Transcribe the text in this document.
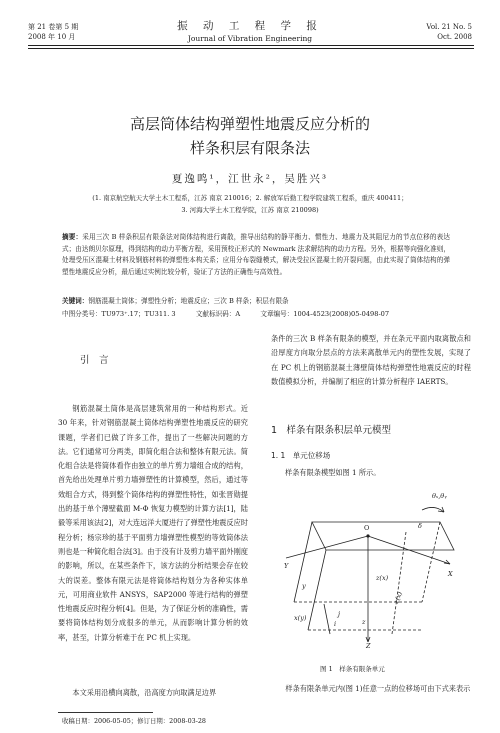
第 21 卷第 5 期
2008 年 10 月
振 动 工 程 学 报
Journal of Vibration Engineering
Vol. 21 No. 5
Oct. 2008
高层筒体结构弹塑性地震反应分析的
样条积层有限条法
夏逸鸣¹，江世永²，吴胜兴³
(1. 南京航空航天大学土木工程系，江苏 南京 210016；2. 解放军后勤工程学院建筑工程系，重庆 400411；
3. 河海大学土木工程学院，江苏 南京 210098)
摘要：采用三次 B 样条积层有限条法对筒体结构进行离散，推导出结构的静平衡力、惯性力、地震力及其阻尼力的节点位移的表达式；由达朗贝尔原理，得到结构的动力平衡方程，采用预校正形式的 Newmark 法求解结构的动力方程。另外，根据等向强化准则，处理受压区混凝土材料及钢筋材料的弹塑性本构关系；应用分布裂缝模式，解决受拉区混凝土的开裂问题，由此实现了筒体结构的弹塑性地震反应分析，最后通过实例比较分析，验证了方法的正确性与高效性。
关键词：钢筋混凝土筒体；弹塑性分析；地震反应；三次 B 样条；积层有限条
中图分类号：TU973⁺.17；TU311. 3	文献标识码：A	文章编号：1004-4523(2008)05-0498-07
引　言
钢筋混凝土筒体是高层建筑常用的一种结构形式。近 30 年来，针对钢筋混凝土筒体结构弹塑性地震反应的研究课题，学者们已做了许多工作，提出了一些解决问题的方法。它们通常可分两类，即简化组合法和整体有限元法。简化组合法是将筒体看作由独立的单片剪力墙组合成的结构，首先给出处理单片剪力墙弹塑性的计算模型，然后，通过等效组合方式，得到整个筒体结构的弹塑性特性，如张晋勋提出的基于单个薄壁截面 M-Φ 恢复力模型的计算方法[1]，陆毅等采用该法[2]，对大连远洋大厦进行了弹塑性地震反应时程分析；杨宗珍的基于平面剪力墙弹塑性模型的等效筒体法则也是一种简化组合法[3]。由于没有计及剪力墙平面外刚度的影响，所以，在某些条件下，该方法的分析结果会存在较大的误差。整体有限元法是将筒体结构划分为各种实体单元，可用商业软件 ANSYS，SAP2000 等进行结构的弹塑性地震反应时程分析[4]。但是，为了保证分析的准确性，需要将筒体结构划分成很多的单元，从而影响计算分析的效率，甚至，计算分析难于在 PC 机上实现。
本文采用沿横向离散，沿高度方向取满足边界
条件的三次 B 样条有限条的模型，并在条元平面内取离散点和沿厚度方向取分层点的方法来离散单元内的塑性发展，实现了在 PC 机上的钢筋混凝土薄壁筒体结构弹塑性地震反应的时程数值模拟分析，并编制了相应的计算分析程序 IAERTS。
1　样条有限条积层单元模型
1. 1　单元位移场
样条有限条模型如图 1 所示。
θₓ,θᵧ
O
X
Y
y
δ
z(x)
x(y)
z(x)
i
j
z
Z
图 1　样条有限条单元
样条有限条单元内(图 1)任意一点的位移场可由下式来表示
收稿日期：2006-05-05；修订日期：2008-03-28
